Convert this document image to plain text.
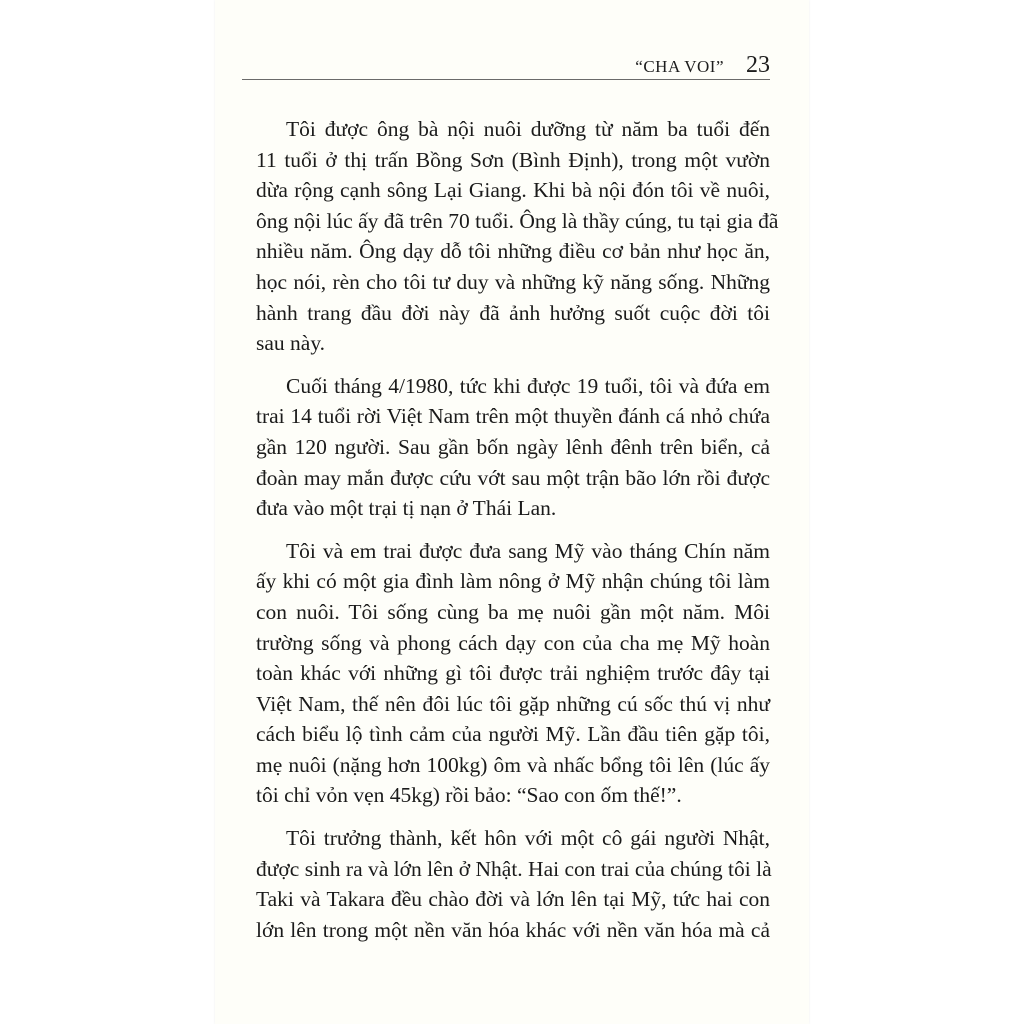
“CHA VOI” 23

Tôi được ông bà nội nuôi dưỡng từ năm ba tuổi đến
11 tuổi ở thị trấn Bồng Sơn (Bình Định), trong một vườn
dừa rộng cạnh sông Lại Giang. Khi bà nội đón tôi về nuôi,
ông nội lúc ấy đã trên 70 tuổi. Ông là thầy cúng, tu tại gia đã
nhiều năm. Ông dạy dỗ tôi những điều cơ bản như học ăn,
học nói, rèn cho tôi tư duy và những kỹ năng sống. Những
hành trang đầu đời này đã ảnh hưởng suốt cuộc đời tôi
sau này.

Cuối tháng 4/1980, tức khi được 19 tuổi, tôi và đứa em
trai 14 tuổi rời Việt Nam trên một thuyền đánh cá nhỏ chứa
gần 120 người. Sau gần bốn ngày lênh đênh trên biển, cả
đoàn may mắn được cứu vớt sau một trận bão lớn rồi được
đưa vào một trại tị nạn ở Thái Lan.

Tôi và em trai được đưa sang Mỹ vào tháng Chín năm
ấy khi có một gia đình làm nông ở Mỹ nhận chúng tôi làm
con nuôi. Tôi sống cùng ba mẹ nuôi gần một năm. Môi
trường sống và phong cách dạy con của cha mẹ Mỹ hoàn
toàn khác với những gì tôi được trải nghiệm trước đây tại
Việt Nam, thế nên đôi lúc tôi gặp những cú sốc thú vị như
cách biểu lộ tình cảm của người Mỹ. Lần đầu tiên gặp tôi,
mẹ nuôi (nặng hơn 100kg) ôm và nhấc bổng tôi lên (lúc ấy
tôi chỉ vỏn vẹn 45kg) rồi bảo: “Sao con ốm thế!”.

Tôi trưởng thành, kết hôn với một cô gái người Nhật,
được sinh ra và lớn lên ở Nhật. Hai con trai của chúng tôi là
Taki và Takara đều chào đời và lớn lên tại Mỹ, tức hai con
lớn lên trong một nền văn hóa khác với nền văn hóa mà cả
